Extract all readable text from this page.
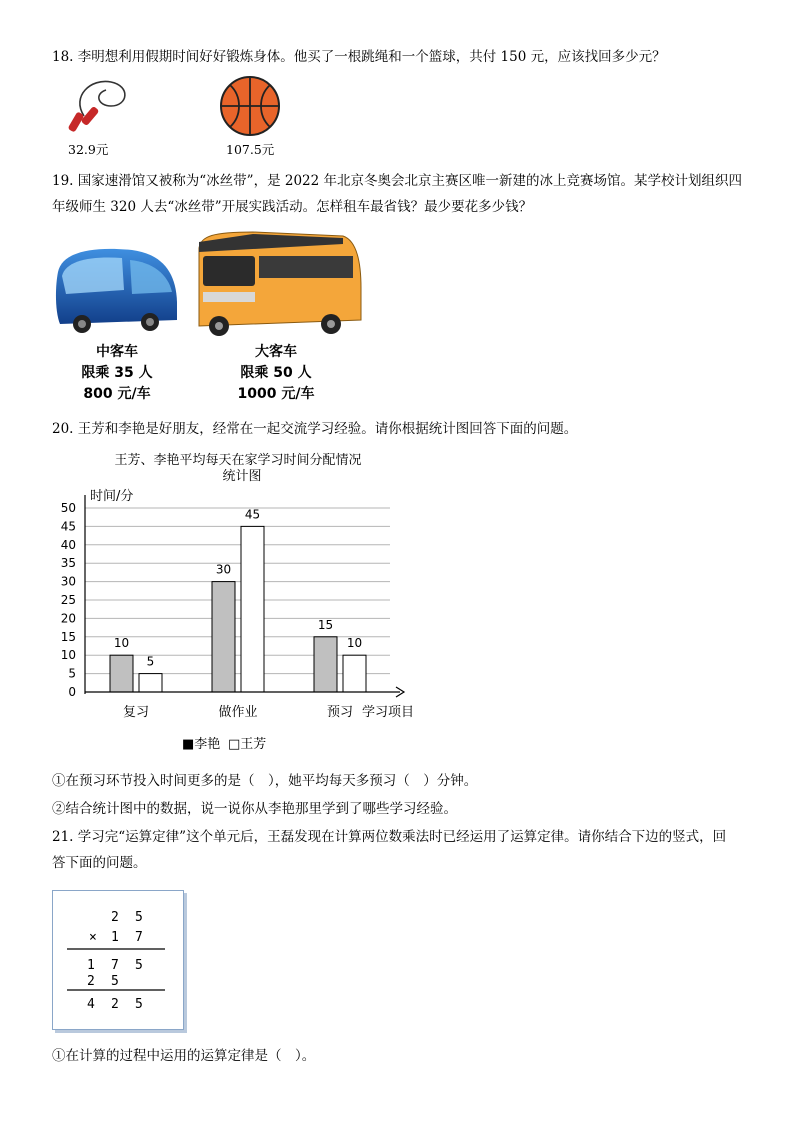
18. 李明想利用假期时间好好锻炼身体。他买了一根跳绳和一个篮球，共付 150 元，应该找回多少元？
32.9元	107.5元
19. 国家速滑馆又被称为“冰丝带”，是 2022 年北京冬奥会北京主赛区唯一新建的冰上竞赛场馆。某学校计划组织四
年级师生 320 人去“冰丝带”开展实践活动。怎样租车最省钱？最少要花多少钱？
中客车
限乘 35 人
800 元/车
大客车
限乘 50 人
1000 元/车
20. 王芳和李艳是好朋友，经常在一起交流学习经验。请你根据统计图回答下面的问题。
王芳、李艳平均每天在家学习时间分配情况
统计图
时间/分
0
5
10
15
20
25
30
35
40
45
50
10
5
30
45
15
10
复习	做作业	预习 学习项目
■李艳 □王芳
①在预习环节投入时间更多的是（　），她平均每天多预习（　）分钟。
②结合统计图中的数据，说一说你从李艳那里学到了哪些学习经验。
21. 学习完“运算定律”这个单元后，王磊发现在计算两位数乘法时已经运用了运算定律。请你结合下边的竖式，回
答下面的问题。
2 5
× 1 7
1 7 5
2 5
4 2 5
①在计算的过程中运用的运算定律是（　）。
